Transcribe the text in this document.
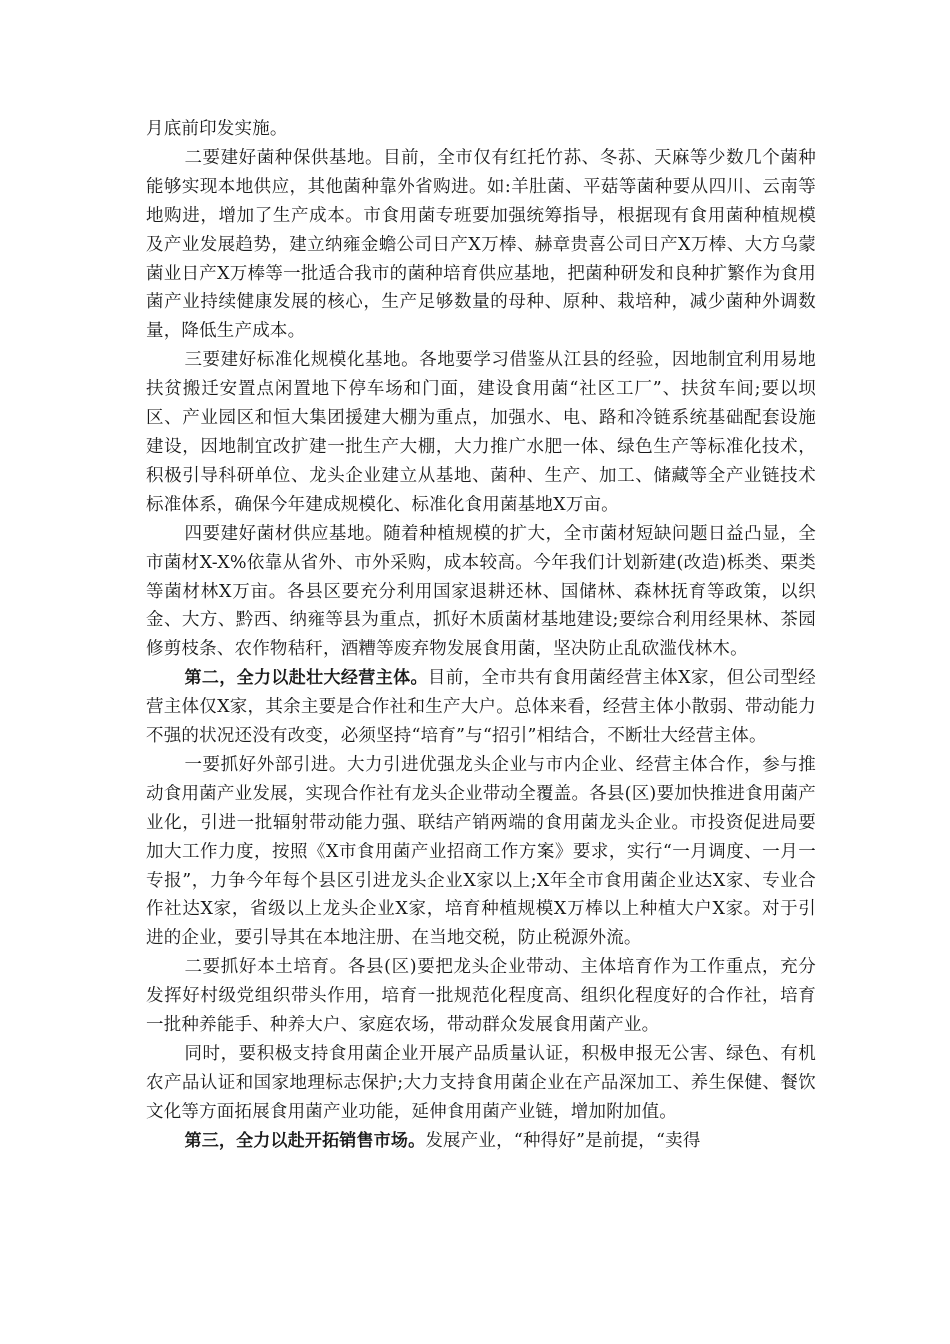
月底前印发实施。

二要建好菌种保供基地。目前，全市仅有红托竹荪、冬荪、天麻等少数几个菌种能够实现本地供应，其他菌种靠外省购进。如:羊肚菌、平菇等菌种要从四川、云南等地购进，增加了生产成本。市食用菌专班要加强统筹指导，根据现有食用菌种植规模及产业发展趋势，建立纳雍金蟾公司日产X万棒、赫章贵喜公司日产X万棒、大方乌蒙菌业日产X万棒等一批适合我市的菌种培育供应基地，把菌种研发和良种扩繁作为食用菌产业持续健康发展的核心，生产足够数量的母种、原种、栽培种，减少菌种外调数量，降低生产成本。

三要建好标准化规模化基地。各地要学习借鉴从江县的经验，因地制宜利用易地扶贫搬迁安置点闲置地下停车场和门面，建设食用菌“社区工厂”、扶贫车间;要以坝区、产业园区和恒大集团援建大棚为重点，加强水、电、路和冷链系统基础配套设施建设，因地制宜改扩建一批生产大棚，大力推广水肥一体、绿色生产等标准化技术，积极引导科研单位、龙头企业建立从基地、菌种、生产、加工、储藏等全产业链技术标准体系，确保今年建成规模化、标准化食用菌基地X万亩。

四要建好菌材供应基地。随着种植规模的扩大，全市菌材短缺问题日益凸显，全市菌材X-X%依靠从省外、市外采购，成本较高。今年我们计划新建(改造)栎类、栗类等菌材林X万亩。各县区要充分利用国家退耕还林、国储林、森林抚育等政策，以织金、大方、黔西、纳雍等县为重点，抓好木质菌材基地建设;要综合利用经果林、茶园修剪枝条、农作物秸秆，酒糟等废弃物发展食用菌，坚决防止乱砍滥伐林木。

第二，全力以赴壮大经营主体。目前，全市共有食用菌经营主体X家，但公司型经营主体仅X家，其余主要是合作社和生产大户。总体来看，经营主体小散弱、带动能力不强的状况还没有改变，必须坚持“培育”与“招引”相结合，不断壮大经营主体。

一要抓好外部引进。大力引进优强龙头企业与市内企业、经营主体合作，参与推动食用菌产业发展，实现合作社有龙头企业带动全覆盖。各县(区)要加快推进食用菌产业化，引进一批辐射带动能力强、联结产销两端的食用菌龙头企业。市投资促进局要加大工作力度，按照《X市食用菌产业招商工作方案》要求，实行“一月调度、一月一专报”，力争今年每个县区引进龙头企业X家以上;X年全市食用菌企业达X家、专业合作社达X家，省级以上龙头企业X家，培育种植规模X万棒以上种植大户X家。对于引进的企业，要引导其在本地注册、在当地交税，防止税源外流。

二要抓好本土培育。各县(区)要把龙头企业带动、主体培育作为工作重点，充分发挥好村级党组织带头作用，培育一批规范化程度高、组织化程度好的合作社，培育一批种养能手、种养大户、家庭农场，带动群众发展食用菌产业。

同时，要积极支持食用菌企业开展产品质量认证，积极申报无公害、绿色、有机农产品认证和国家地理标志保护;大力支持食用菌企业在产品深加工、养生保健、餐饮文化等方面拓展食用菌产业功能，延伸食用菌产业链，增加附加值。

第三，全力以赴开拓销售市场。发展产业，“种得好”是前提，“卖得
